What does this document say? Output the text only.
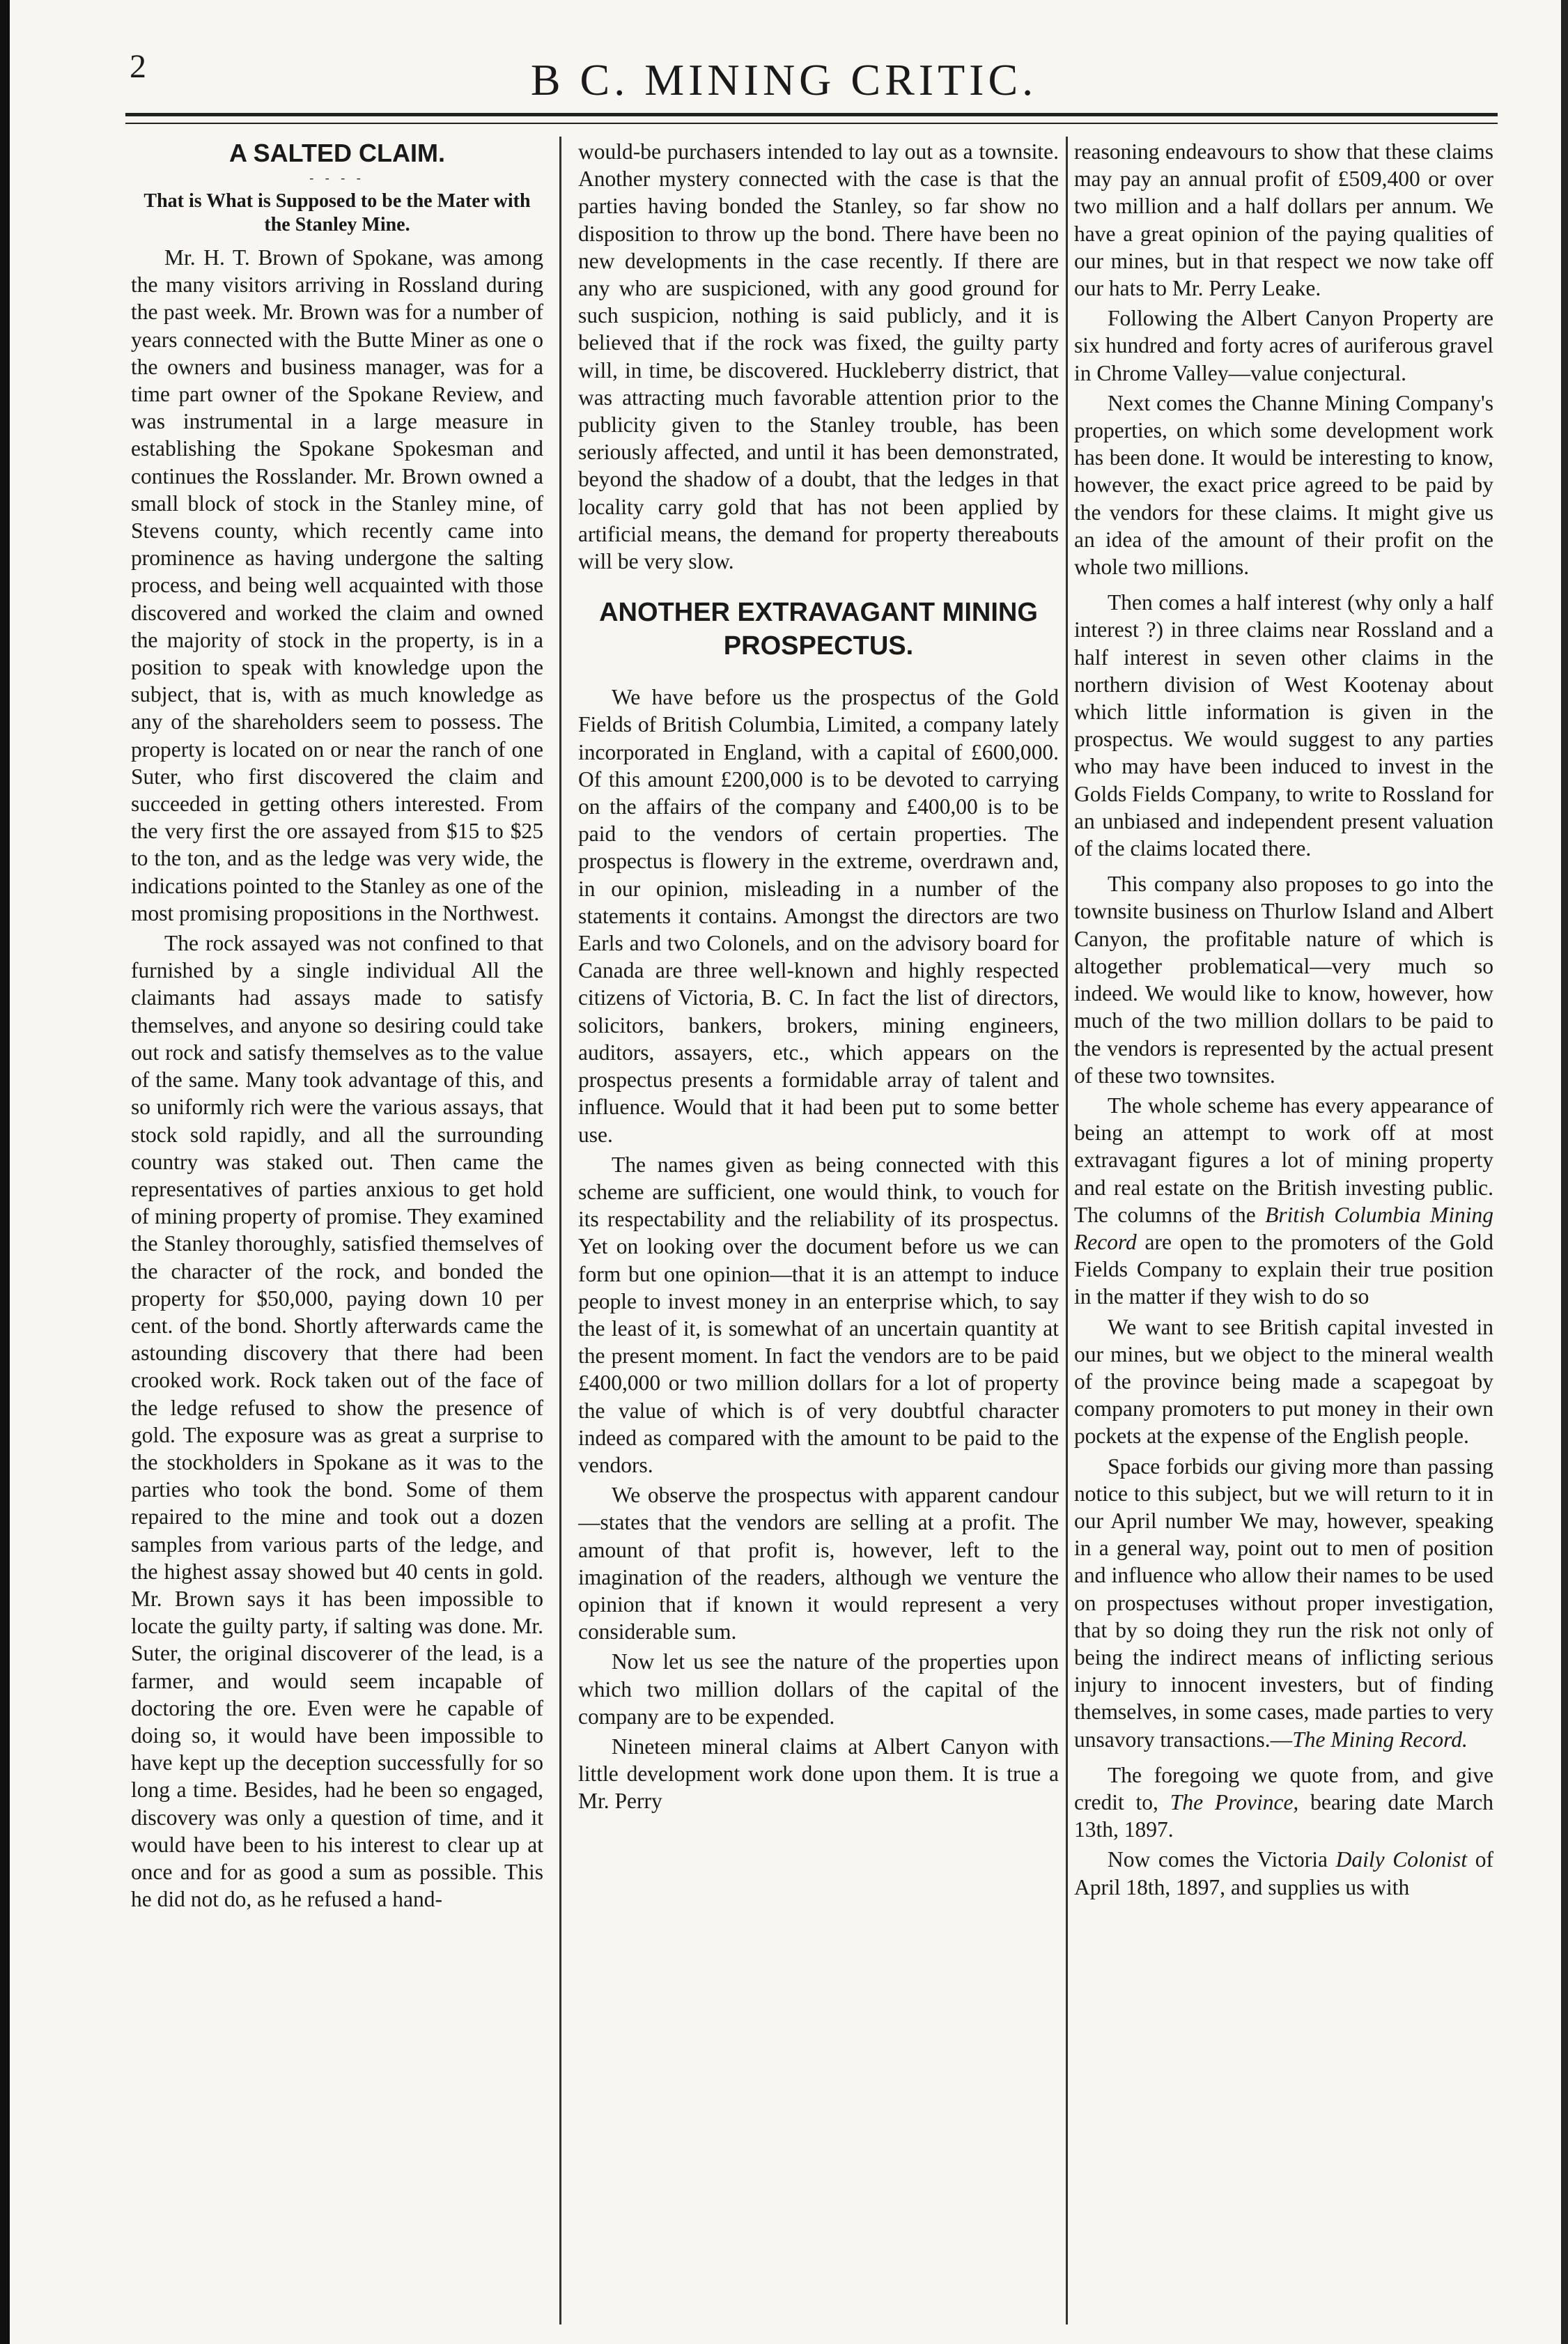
2	B C. MINING CRITIC.
A SALTED CLAIM.
- - - -
That is What is Supposed to be the Mater with the Stanley Mine.

Mr. H. T. Brown of Spokane, was among the many visitors arriving in Rossland during the past week. Mr. Brown was for a number of years connected with the Butte Miner as one o the owners and business manager, was for a time part owner of the Spokane Review, and was instrumental in a large measure in establishing the Spokane Spokesman and continues the Rosslander. Mr. Brown owned a small block of stock in the Stanley mine, of Stevens county, which recently came into prominence as having undergone the salting process, and being well acquainted with those discovered and worked the claim and owned the majority of stock in the property, is in a position to speak with knowledge upon the subject, that is, with as much knowledge as any of the shareholders seem to possess. The property is located on or near the ranch of one Suter, who first discovered the claim and succeeded in getting others interested. From the very first the ore assayed from $15 to $25 to the ton, and as the ledge was very wide, the indications pointed to the Stanley as one of the most promising propositions in the Northwest.

The rock assayed was not confined to that furnished by a single individual All the claimants had assays made to satisfy themselves, and anyone so desiring could take out rock and satisfy themselves as to the value of the same. Many took advantage of this, and so uniformly rich were the various assays, that stock sold rapidly, and all the surrounding country was staked out. Then came the representatives of parties anxious to get hold of mining property of promise. They examined the Stanley thoroughly, satisfied themselves of the character of the rock, and bonded the property for $50,000, paying down 10 per cent. of the bond. Shortly afterwards came the astounding discovery that there had been crooked work. Rock taken out of the face of the ledge refused to show the presence of gold. The exposure was as great a surprise to the stockholders in Spokane as it was to the parties who took the bond. Some of them repaired to the mine and took out a dozen samples from various parts of the ledge, and the highest assay showed but 40 cents in gold. Mr. Brown says it has been impossible to locate the guilty party, if salting was done. Mr. Suter, the original discoverer of the lead, is a farmer, and would seem incapable of doctoring the ore. Even were he capable of doing so, it would have been impossible to have kept up the deception successfully for so long a time. Besides, had he been so engaged, discovery was only a question of time, and it would have been to his interest to clear up at once and for as good a sum as possible. This he did not do, as he refused a hand-

would-be purchasers intended to lay out as a townsite. Another mystery connected with the case is that the parties having bonded the Stanley, so far show no disposition to throw up the bond. There have been no new developments in the case recently. If there are any who are suspicioned, with any good ground for such suspicion, nothing is said publicly, and it is believed that if the rock was fixed, the guilty party will, in time, be discovered. Huckleberry district, that was attracting much favorable attention prior to the publicity given to the Stanley trouble, has been seriously affected, and until it has been demonstrated, beyond the shadow of a doubt, that the ledges in that locality carry gold that has not been applied by artificial means, the demand for property thereabouts will be very slow.

ANOTHER EXTRAVAGANT MINING PROSPECTUS.

We have before us the prospectus of the Gold Fields of British Columbia, Limited, a company lately incorporated in England, with a capital of £600,000. Of this amount £200,000 is to be devoted to carrying on the affairs of the company and £400,00 is to be paid to the vendors of certain properties. The prospectus is flowery in the extreme, overdrawn and, in our opinion, misleading in a number of the statements it contains. Amongst the directors are two Earls and two Colonels, and on the advisory board for Canada are three well-known and highly respected citizens of Victoria, B. C. In fact the list of directors, solicitors, bankers, brokers, mining engineers, auditors, assayers, etc., which appears on the prospectus presents a formidable array of talent and influence. Would that it had been put to some better use.

The names given as being connected with this scheme are sufficient, one would think, to vouch for its respectability and the reliability of its prospectus. Yet on looking over the document before us we can form but one opinion—that it is an attempt to induce people to invest money in an enterprise which, to say the least of it, is somewhat of an uncertain quantity at the present moment. In fact the vendors are to be paid £400,000 or two million dollars for a lot of property the value of which is of very doubtful character indeed as compared with the amount to be paid to the vendors.

We observe the prospectus with apparent candour—states that the vendors are selling at a profit. The amount of that profit is, however, left to the imagination of the readers, although we venture the opinion that if known it would represent a very considerable sum.

Now let us see the nature of the properties upon which two million dollars of the capital of the company are to be expended.

Nineteen mineral claims at Albert Canyon with little development work done upon them. It is true a Mr. Perry

reasoning endeavours to show that these claims may pay an annual profit of £509,400 or over two million and a half dollars per annum. We have a great opinion of the paying qualities of our mines, but in that respect we now take off our hats to Mr. Perry Leake.

Following the Albert Canyon Property are six hundred and forty acres of auriferous gravel in Chrome Valley—value conjectural.

Next comes the Channe Mining Company's properties, on which some development work has been done. It would be interesting to know, however, the exact price agreed to be paid by the vendors for these claims. It might give us an idea of the amount of their profit on the whole two millions.

Then comes a half interest (why only a half interest ?) in three claims near Rossland and a half interest in seven other claims in the northern division of West Kootenay about which little information is given in the prospectus. We would suggest to any parties who may have been induced to invest in the Golds Fields Company, to write to Rossland for an unbiased and independent present valuation of the claims located there.

This company also proposes to go into the townsite business on Thurlow Island and Albert Canyon, the profitable nature of which is altogether problematical—very much so indeed. We would like to know, however, how much of the two million dollars to be paid to the vendors is represented by the actual present of these two townsites.

The whole scheme has every appearance of being an attempt to work off at most extravagant figures a lot of mining property and real estate on the British investing public. The columns of the British Columbia Mining Record are open to the promoters of the Gold Fields Company to explain their true position in the matter if they wish to do so

We want to see British capital invested in our mines, but we object to the mineral wealth of the province being made a scapegoat by company promoters to put money in their own pockets at the expense of the English people.

Space forbids our giving more than passing notice to this subject, but we will return to it in our April number We may, however, speaking in a general way, point out to men of position and influence who allow their names to be used on prospectuses without proper investigation, that by so doing they run the risk not only of being the indirect means of inflicting serious injury to innocent investers, but of finding themselves, in some cases, made parties to very unsavory transactions.—The Mining Record.

The foregoing we quote from, and give credit to, The Province, bearing date March 13th, 1897.

Now comes the Victoria Daily Colonist of April 18th, 1897, and supplies us with
